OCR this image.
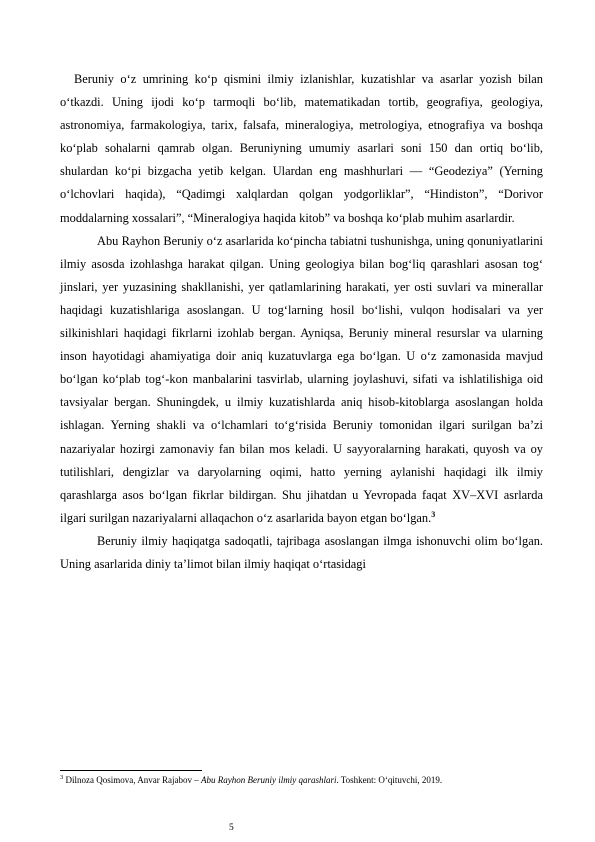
Beruniy o‘z umrining ko‘p qismini ilmiy izlanishlar, kuzatishlar va asarlar yozish bilan o‘tkazdi. Uning ijodi ko‘p tarmoqli bo‘lib, matematikadan tortib, geografiya, geologiya, astronomiya, farmakologiya, tarix, falsafa, mineralogiya, metrologiya, etnografiya va boshqa ko‘plab sohalarni qamrab olgan. Beruniyning umumiy asarlari soni 150 dan ortiq bo‘lib, shulardan ko‘pi bizgacha yetib kelgan. Ulardan eng mashhurlari — “Geodeziya” (Yerning o‘lchovlari haqida), “Qadimgi xalqlardan qolgan yodgorliklar”, “Hindiston”, “Dorivor moddalarning xossalari”, “Mineralogiya haqida kitob” va boshqa ko‘plab muhim asarlardir.

Abu Rayhon Beruniy o‘z asarlarida ko‘pincha tabiatni tushunishga, uning qonuniyatlarini ilmiy asosda izohlashga harakat qilgan. Uning geologiya bilan bog‘liq qarashlari asosan tog‘ jinslari, yer yuzasining shakllanishi, yer qatlamlarining harakati, yer osti suvlari va minerallar haqidagi kuzatishlariga asoslangan. U tog‘larning hosil bo‘lishi, vulqon hodisalari va yer silkinishlari haqidagi fikrlarni izohlab bergan. Ayniqsa, Beruniy mineral resurslar va ularning inson hayotidagi ahamiyatiga doir aniq kuzatuvlarga ega bo‘lgan. U o‘z zamonasida mavjud bo‘lgan ko‘plab tog‘-kon manbalarini tasvirlab, ularning joylashuvi, sifati va ishlatilishiga oid tavsiyalar bergan. Shuningdek, u ilmiy kuzatishlarda aniq hisob-kitoblarga asoslangan holda ishlagan. Yerning shakli va o‘lchamlari to‘g‘risida Beruniy tomonidan ilgari surilgan ba’zi nazariyalar hozirgi zamonaviy fan bilan mos keladi. U sayyoralarning harakati, quyosh va oy tutilishlari, dengizlar va daryolarning oqimi, hatto yerning aylanishi haqidagi ilk ilmiy qarashlarga asos bo‘lgan fikrlar bildirgan. Shu jihatdan u Yevropada faqat XV–XVI asrlarda ilgari surilgan nazariyalarni allaqachon o‘z asarlarida bayon etgan bo‘lgan.$^3$

Beruniy ilmiy haqiqatga sadoqatli, tajribaga asoslangan ilmga ishonuvchi olim bo‘lgan. Uning asarlarida diniy ta’limot bilan ilmiy haqiqat o‘rtasidagi

$^3$ Dilnoza Qosimova, Anvar Rajabov – Abu Rayhon Beruniy ilmiy qarashlari. Toshkent: O‘qituvchi, 2019.
5
